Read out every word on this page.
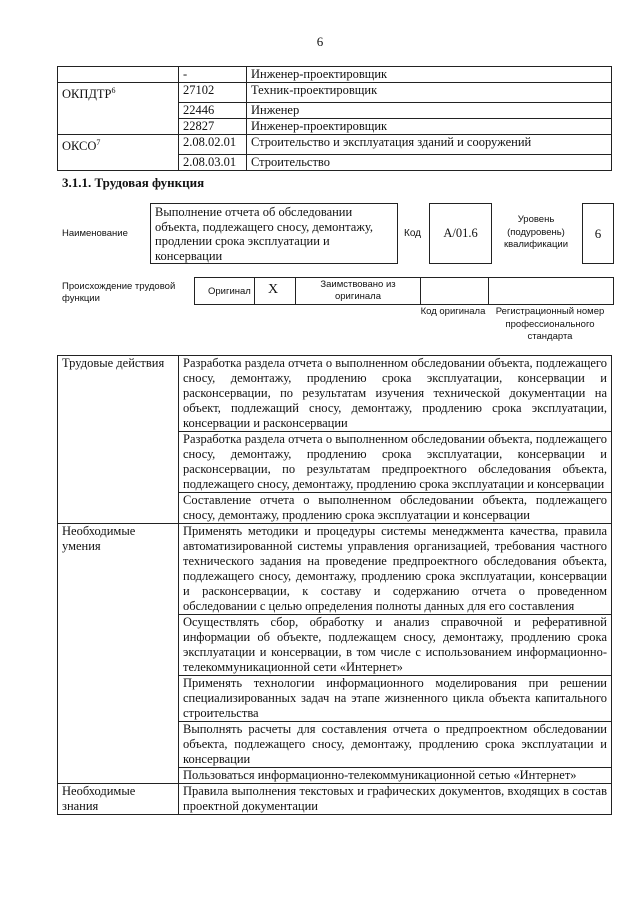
6
	-	Инженер-проектировщик
ОКПДТР$^6$	27102	Техник-проектировщик
	22446	Инженер
	22827	Инженер-проектировщик
ОКСО$^7$	2.08.02.01	Строительство и эксплуатация зданий и сооружений
	2.08.03.01	Строительство
3.1.1. Трудовая функция
Наименование
Выполнение отчета об обследовании объекта, подлежащего сносу, демонтажу, продлении срока эксплуатации и консервации
Код А/01.6
Уровень (подуровень) квалификации
6
Происхождение трудовой функции
Оригинал X	Заимствовано из оригинала
Код оригинала	Регистрационный номер профессионального стандарта
Трудовые действия	Разработка раздела отчета о выполненном обследовании объекта, подлежащего сносу, демонтажу, продлению срока эксплуатации, консервации и расконсервации, по результатам изучения технической документации на объект, подлежащий сносу, демонтажу, продлению срока эксплуатации, консервации и расконсервации
	Разработка раздела отчета о выполненном обследовании объекта, подлежащего сносу, демонтажу, продлению срока эксплуатации, консервации и расконсервации, по результатам предпроектного обследования объекта, подлежащего сносу, демонтажу, продлению срока эксплуатации и консервации
	Составление отчета о выполненном обследовании объекта, подлежащего сносу, демонтажу, продлению срока эксплуатации и консервации
Необходимые умения	Применять методики и процедуры системы менеджмента качества, правила автоматизированной системы управления организацией, требования частного технического задания на проведение предпроектного обследования объекта, подлежащего сносу, демонтажу, продлению срока эксплуатации, консервации и расконсервации, к составу и содержанию отчета о проведенном обследовании с целью определения полноты данных для его составления
	Осуществлять сбор, обработку и анализ справочной и реферативной информации об объекте, подлежащем сносу, демонтажу, продлению срока эксплуатации и консервации, в том числе с использованием информационно-телекоммуникационной сети «Интернет»
	Применять технологии информационного моделирования при решении специализированных задач на этапе жизненного цикла объекта капитального строительства
	Выполнять расчеты для составления отчета о предпроектном обследовании объекта, подлежащего сносу, демонтажу, продлению срока эксплуатации и консервации
	Пользоваться информационно-телекоммуникационной сетью «Интернет»
Необходимые знания	Правила выполнения текстовых и графических документов, входящих в состав проектной документации
